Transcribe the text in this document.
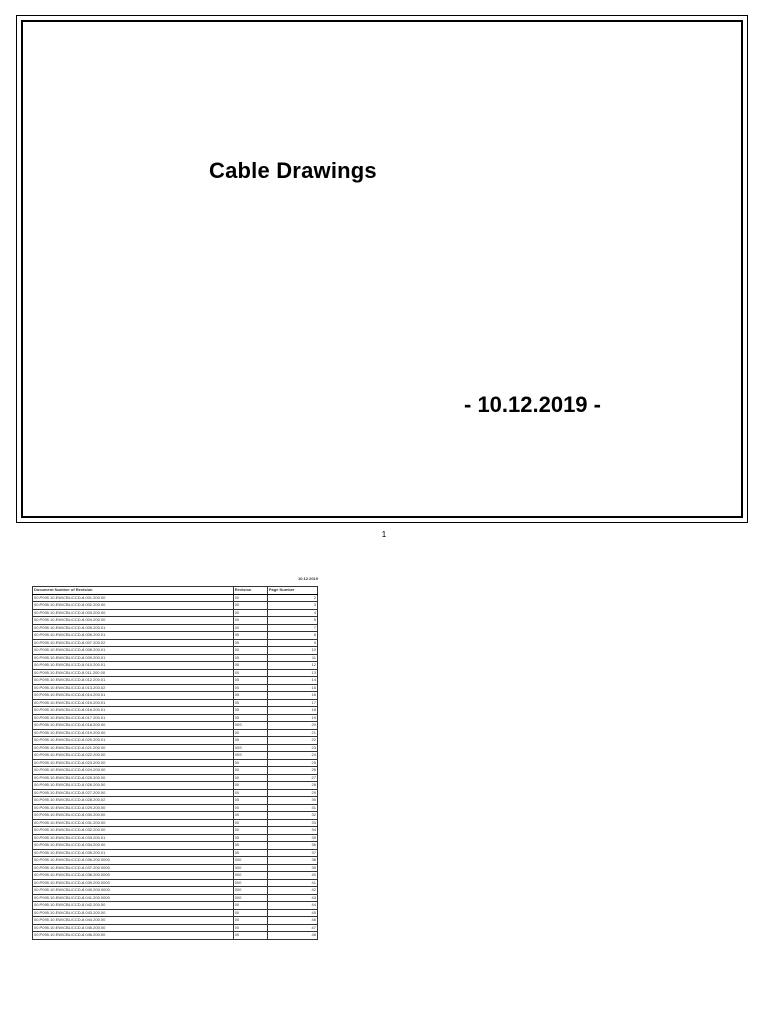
Cable Drawings
- 10.12.2019 -
1
10.12.2019
Document Number of Revision	Revision	Page Number
00.P095.10.EW/CBL/CCD-8.001.200.00	00	2
00.P095.10.EW/CBL/CCD-8.002.200.00	00	3
00.P095.10.EW/CBL/CCD-8.003.200.00	00	4
00.P095.10.EW/CBL/CCD-8.004.200.00	00	5
00.P095.10.EW/CBL/CCD-8.005.200.01	00	7
00.P095.10.EW/CBL/CCD-8.006.200.01	05	8
00.P095.10.EW/CBL/CCD-8.007.200.02	05	9
00.P095.10.EW/CBL/CCD-8.008.200.01	00	10
00.P095.10.EW/CBL/CCD-8.009.200.01	05	11
00.P095.10.EW/CBL/CCD-8.010.200.01	05	12
00.P095.10.EW/CBL/CCD-8.011.200.00	00	13
00.P095.10.EW/CBL/CCD-8.012.200.01	05	14
00.P095.10.EW/CBL/CCD-8.013.200.02	00	15
00.P095.10.EW/CBL/CCD-8.014.200.01	05	16
00.P095.10.EW/CBL/CCD-8.015.200.01	05	17
00.P095.10.EW/CBL/CCD-8.016.200.01	05	18
00.P095.10.EW/CBL/CCD-8.017.200.01	05	19
00.P095.10.EW/CBL/CCD-8.018.200.00	00S	20
00.P095.10.EW/CBL/CCD-8.019.200.00	00	21
00.P095.10.EW/CBL/CCD-8.020.200.01	05	22
00.P095.10.EW/CBL/CCD-8.021.200.00	00S	23
00.P095.10.EW/CBL/CCD-8.022.200.00	00S	24
00.P095.10.EW/CBL/CCD-8.023.200.00	00	25
00.P095.10.EW/CBL/CCD-8.024.200.00	00	26
00.P095.10.EW/CBL/CCD-8.025.200.00	00	27
00.P095.10.EW/CBL/CCD-8.026.200.00	00	28
00.P095.10.EW/CBL/CCD-8.027.200.00	00	29
00.P095.10.EW/CBL/CCD-8.028.200.02	05	30
00.P095.10.EW/CBL/CCD-8.029.200.00	00	31
00.P095.10.EW/CBL/CCD-8.030.200.00	00	32
00.P095.10.EW/CBL/CCD-8.031.200.00	00	33
00.P095.10.EW/CBL/CCD-8.032.200.00	00	34
00.P095.10.EW/CBL/CCD-8.033.200.01	05	35
00.P095.10.EW/CBL/CCD-8.034.200.00	05	36
00.P095.10.EW/CBL/CCD-8.035.200.01	05	37
00.P095.10.EW/CBL/CCD-8.036.200.0000	000	38
00.P095.10.EW/CBL/CCD-8.037.200.0000	000	39
00.P095.10.EW/CBL/CCD-8.038.200.0000	000	40
00.P095.10.EW/CBL/CCD-8.039.200.0000	000	41
00.P095.10.EW/CBL/CCD-8.040.200.0000	000	42
00.P095.10.EW/CBL/CCD-8.041.200.0000	000	43
00.P095.10.EW/CBL/CCD-8.042.200.00	00	44
00.P095.10.EW/CBL/CCD-8.043.200.00	00	45
00.P095.10.EW/CBL/CCD-8.044.200.00	00	46
00.P095.10.EW/CBL/CCD-8.045.200.00	00	47
00.P095.10.EW/CBL/CCD-8.046.200.00	00	48
